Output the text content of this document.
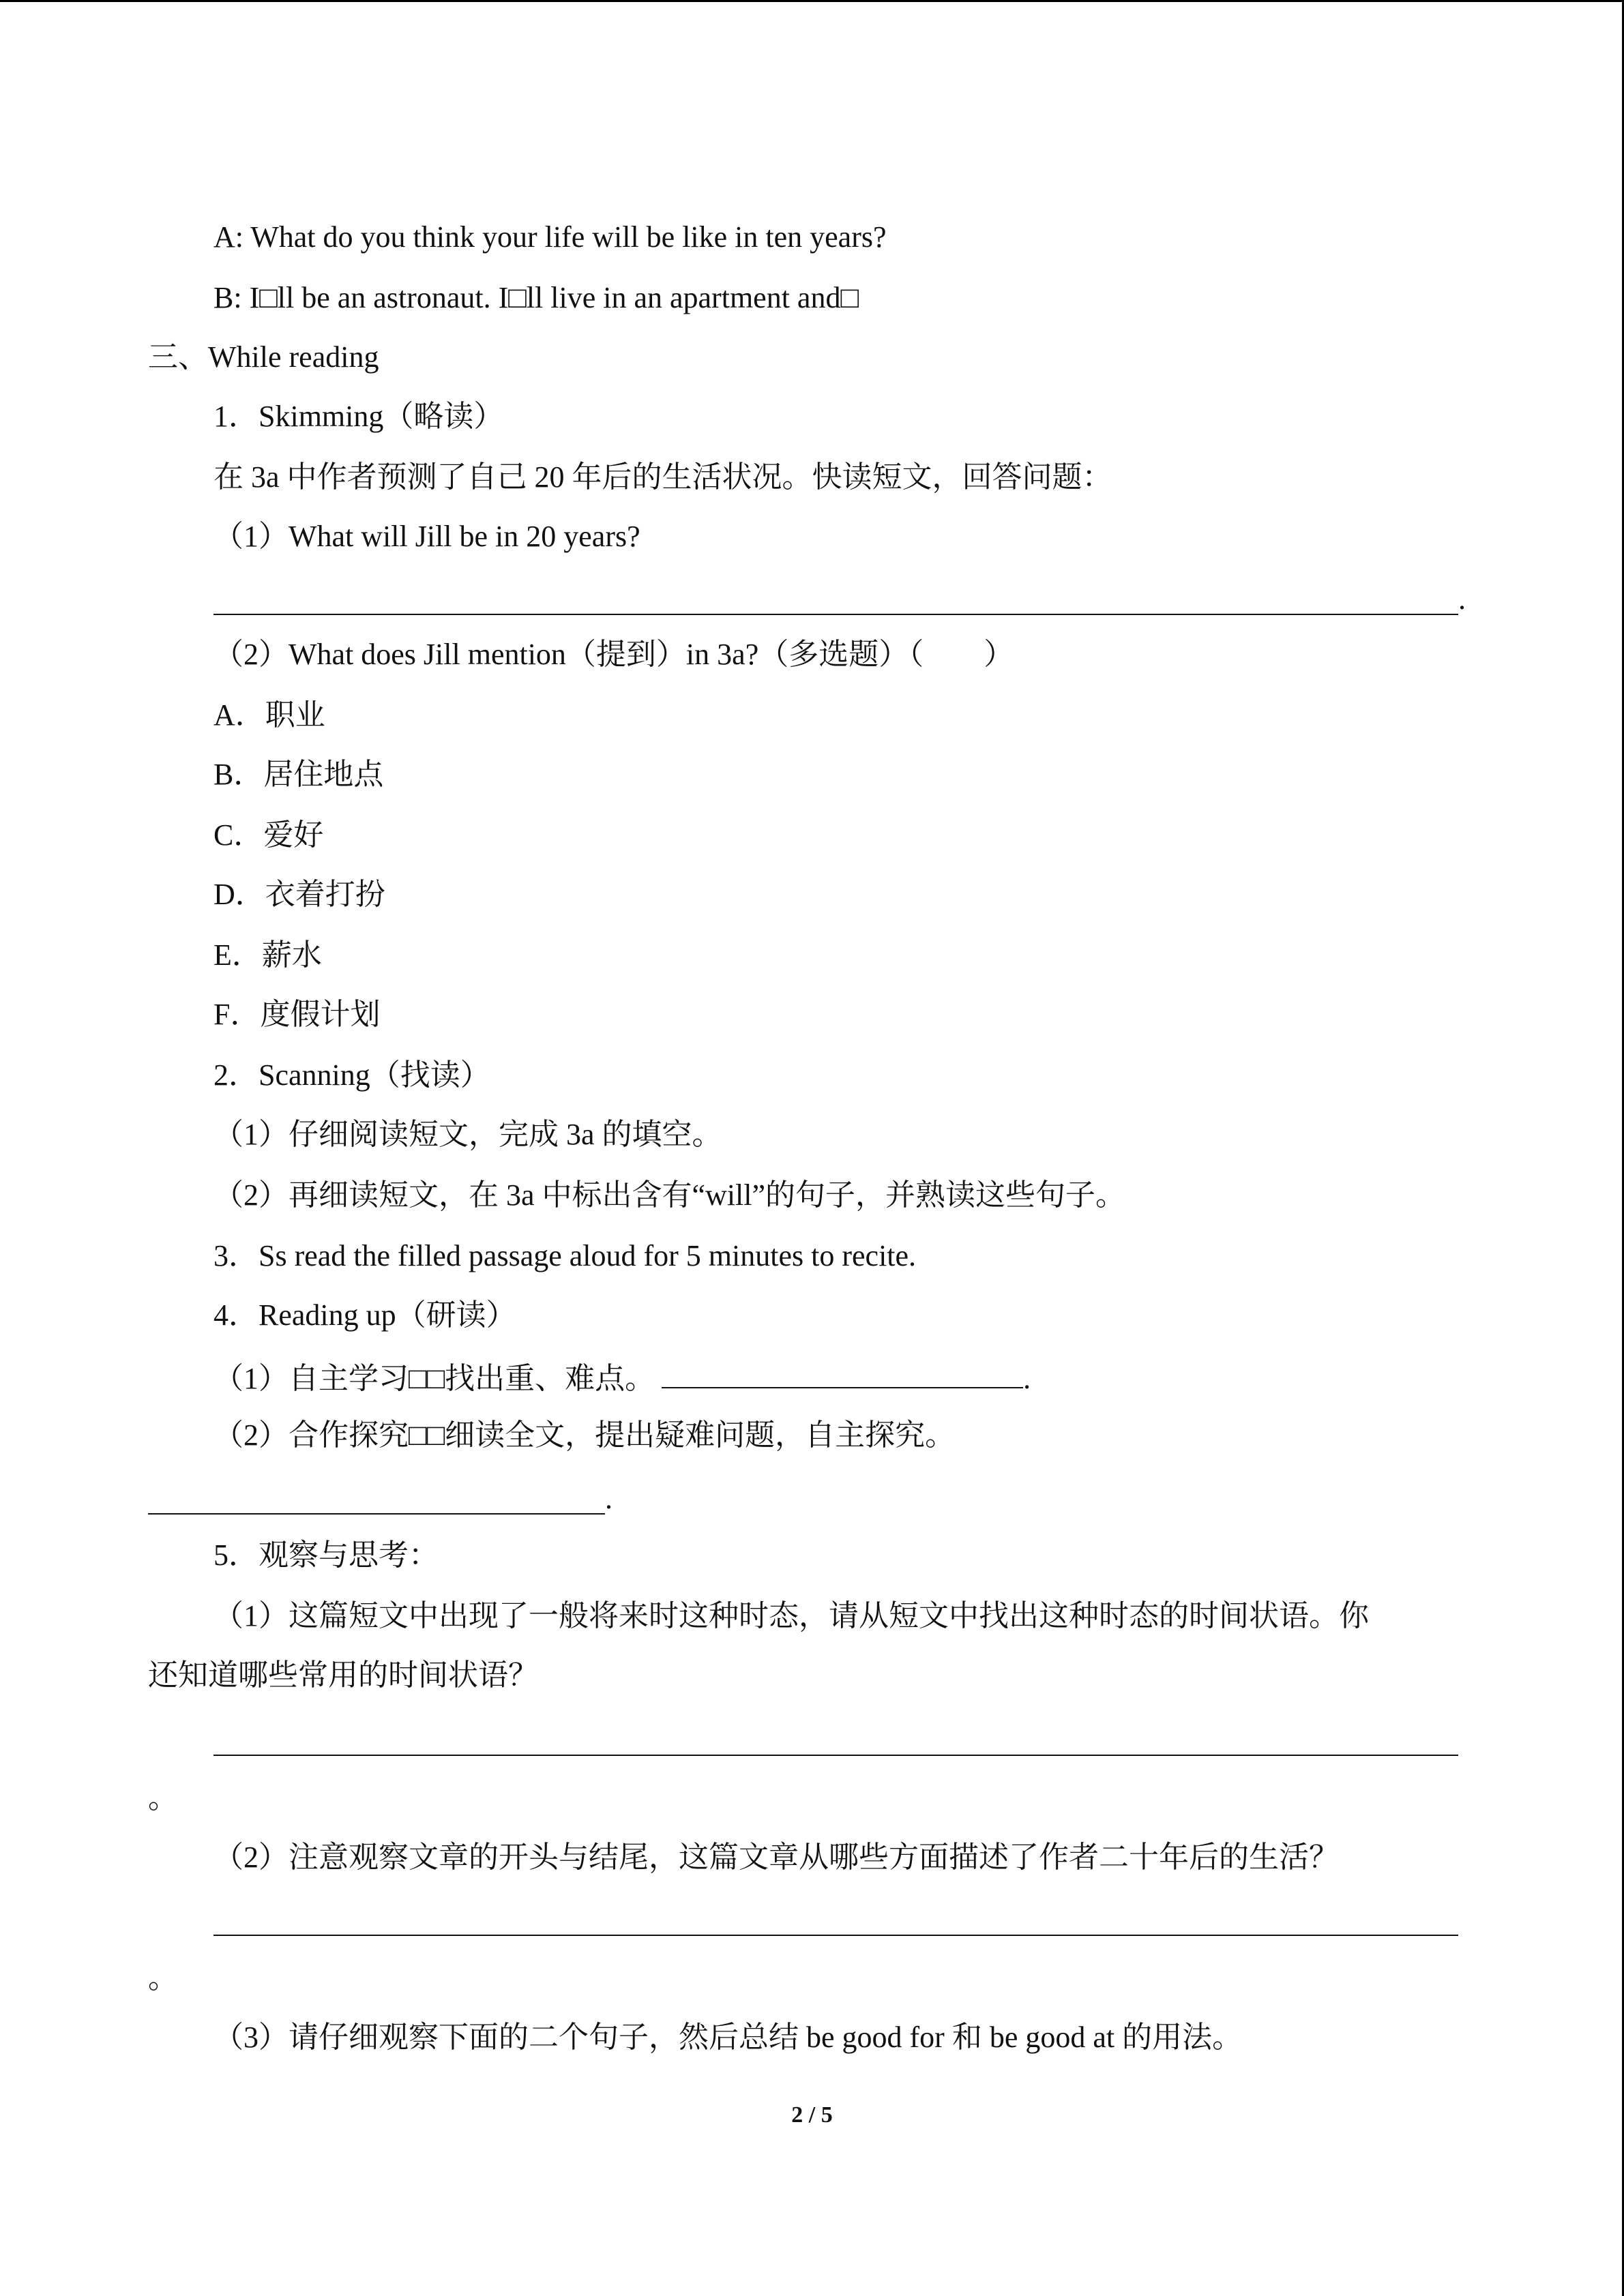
A: What do you think your life will be like in ten years?
B: I□ll be an astronaut. I□ll live in an apartment and□
三、While reading
1．Skimming（略读）
在 3a 中作者预测了自己 20 年后的生活状况。快读短文，回答问题：
（1）What will Jill be in 20 years?
.
（2）What does Jill mention（提到）in 3a?（多选题）（　　）
A．职业
B．居住地点
C．爱好
D．衣着打扮
E．薪水
F．度假计划
2．Scanning（找读）
（1）仔细阅读短文，完成 3a 的填空。
（2）再细读短文，在 3a 中标出含有“will”的句子，并熟读这些句子。
3．Ss read the filled passage aloud for 5 minutes to recite.
4．Reading up（研读）
（1）自主学习□□找出重、难点。	.
（2）合作探究□□细读全文，提出疑难问题，自主探究。
.
5．观察与思考：
（1）这篇短文中出现了一般将来时这种时态，请从短文中找出这种时态的时间状语。你
还知道哪些常用的时间状语？
。
（2）注意观察文章的开头与结尾，这篇文章从哪些方面描述了作者二十年后的生活？
。
（3）请仔细观察下面的二个句子，然后总结 be good for 和 be good at 的用法。
2 / 5
